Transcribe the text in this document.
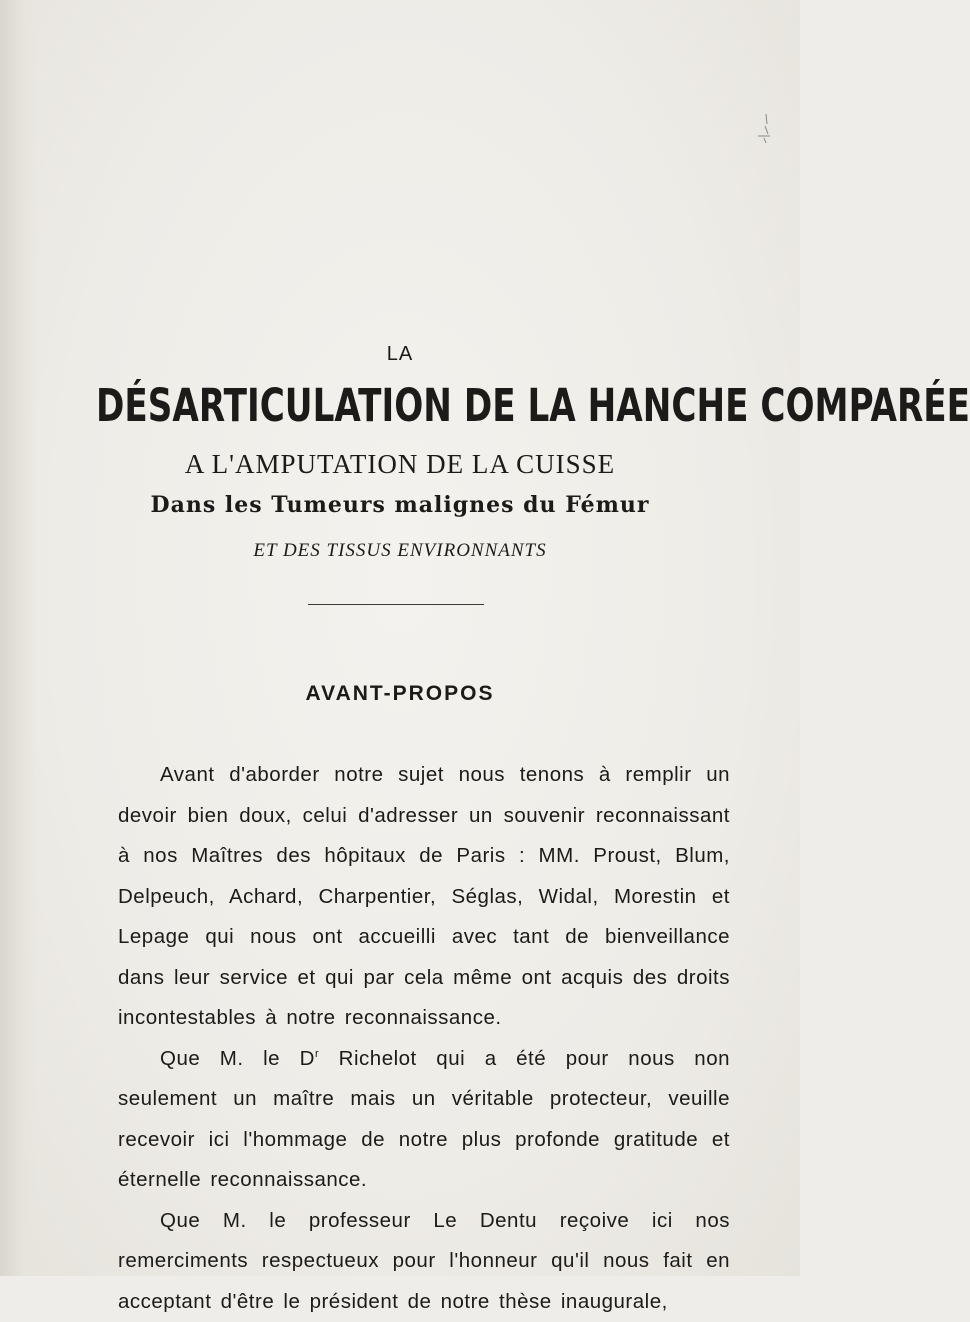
LA
DÉSARTICULATION DE LA HANCHE COMPARÉE
A L'AMPUTATION DE LA CUISSE
Dans les Tumeurs malignes du Fémur
ET DES TISSUS ENVIRONNANTS
AVANT-PROPOS

Avant d'aborder notre sujet nous tenons à remplir un devoir bien doux, celui d'adresser un souvenir reconnaissant à nos Maîtres des hôpitaux de Paris : MM. Proust, Blum, Delpeuch, Achard, Charpentier, Séglas, Widal, Morestin et Lepage qui nous ont accueilli avec tant de bienveillance dans leur service et qui par cela même ont acquis des droits incontestables à notre reconnaissance.

Que M. le $D^r$ Richelot qui a été pour nous non seulement un maître mais un véritable protecteur, veuille recevoir ici l'hommage de notre plus profonde gratitude et éternelle reconnaissance.

Que M. le professeur Le Dentu reçoive ici nos remerciments respectueux pour l'honneur qu'il nous fait en acceptant d'être le président de notre thèse inaugurale,
